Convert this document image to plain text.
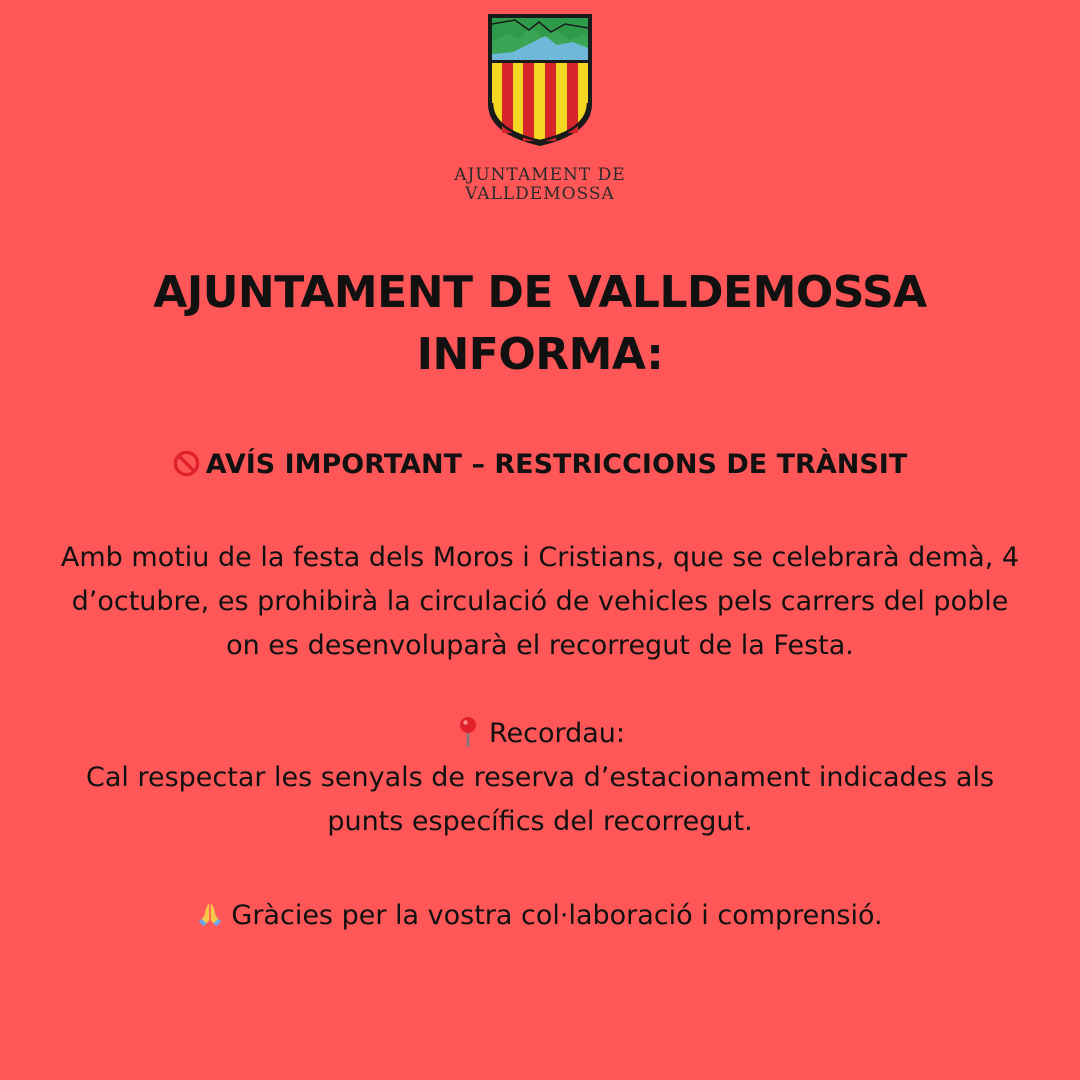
AJUNTAMENT DE
VALLDEMOSSA
AJUNTAMENT DE VALLDEMOSSA
INFORMA:
AVÍS IMPORTANT – RESTRICCIONS DE TRÀNSIT
Amb motiu de la festa dels Moros i Cristians, que se celebrarà demà, 4
d’octubre, es prohibirà la circulació de vehicles pels carrers del poble
on es desenvoluparà el recorregut de la Festa.
Recordau:
Cal respectar les senyals de reserva d’estacionament indicades als
punts específics del recorregut.
Gràcies per la vostra col·laboració i comprensió.
